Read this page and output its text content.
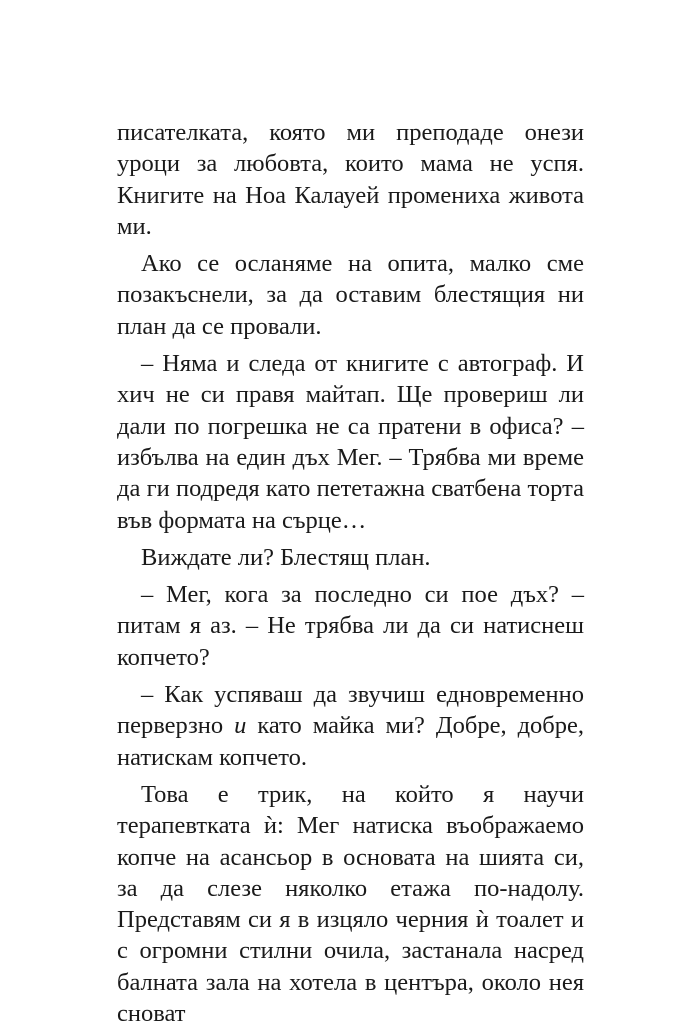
писателката, която ми преподаде онези уроци за любовта, които мама не успя. Книгите на Ноа Калауей промениха живота ми.

Ако се осланяме на опита, малко сме позакъснели, за да оставим блестящия ни план да се провали.

– Няма и следа от книгите с автограф. И хич не си правя майтап. Ще провериш ли дали по погрешка не са пратени в офиса? – избълва на един дъх Мег. – Трябва ми време да ги подредя като пететажна сватбена торта във формата на сърце…

Виждате ли? Блестящ план.

– Мег, кога за последно си пое дъх? – питам я аз. – Не трябва ли да си натиснеш копчето?

– Как успяваш да звучиш едновременно перверзно и като майка ми? Добре, добре, натискам копчето.

Това е трик, на който я научи терапевтката ѝ: Мег натиска въображаемо копче на асансьор в основата на шията си, за да слезе няколко етажа по-надолу. Представям си я в изцяло черния ѝ тоалет и с огромни стилни очила, застанала насред балната зала на хотела в центъра, около нея сноват
